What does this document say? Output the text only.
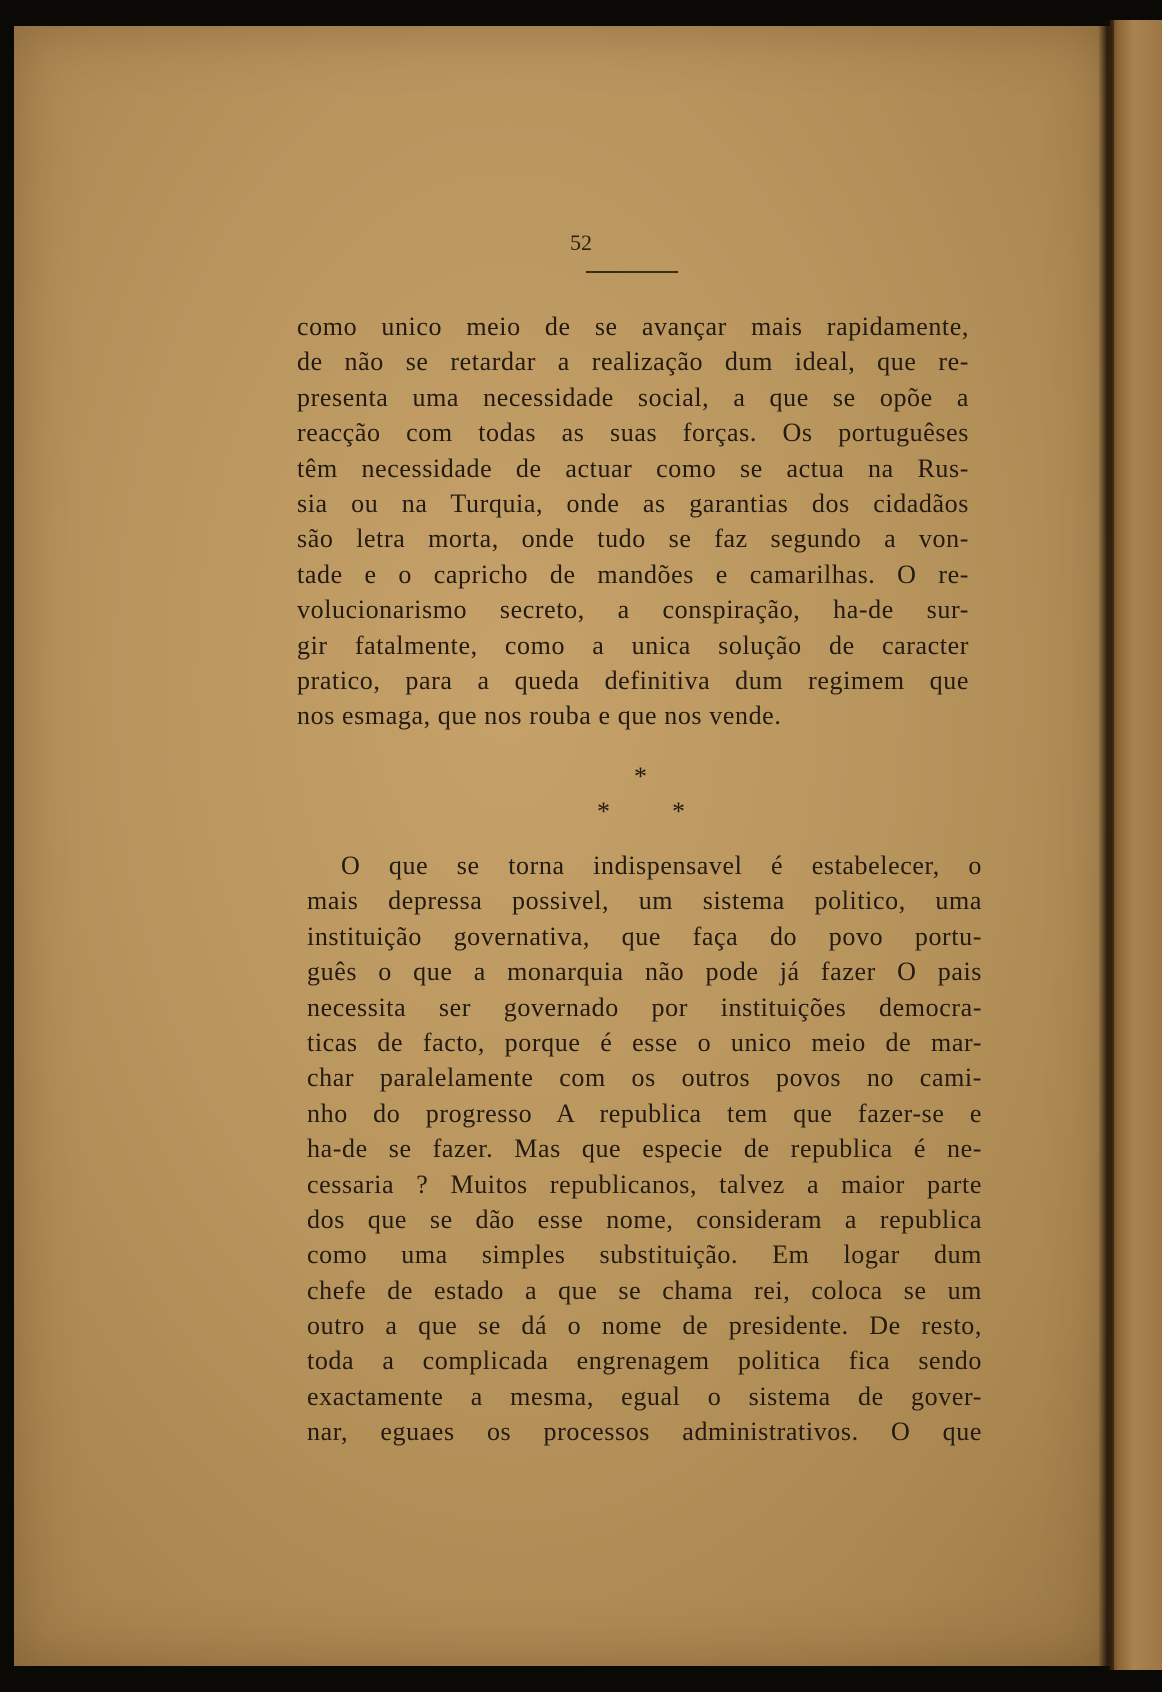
52
como unico meio de se avançar mais rapidamente,
de não se retardar a realização dum ideal, que re-
presenta uma necessidade social, a que se opõe a
reacção com todas as suas forças. Os portuguêses
têm necessidade de actuar como se actua na Rus-
sia ou na Turquia, onde as garantias dos cidadãos
são letra morta, onde tudo se faz segundo a von-
tade e o capricho de mandões e camarilhas. O re-
volucionarismo secreto, a conspiração, ha-de sur-
gir fatalmente, como a unica solução de caracter
pratico, para a queda definitiva dum regimem que
nos esmaga, que nos rouba e que nos vende.
*
* *
O que se torna indispensavel é estabelecer, o
mais depressa possivel, um sistema politico, uma
instituição governativa, que faça do povo portu-
guês o que a monarquia não pode já fazer O pais
necessita ser governado por instituições democra-
ticas de facto, porque é esse o unico meio de mar-
char paralelamente com os outros povos no cami-
nho do progresso A republica tem que fazer-se e
ha-de se fazer. Mas que especie de republica é ne-
cessaria ? Muitos republicanos, talvez a maior parte
dos que se dão esse nome, consideram a republica
como uma simples substituição. Em logar dum
chefe de estado a que se chama rei, coloca se um
outro a que se dá o nome de presidente. De resto,
toda a complicada engrenagem politica fica sendo
exactamente a mesma, egual o sistema de gover-
nar, eguaes os processos administrativos. O que
